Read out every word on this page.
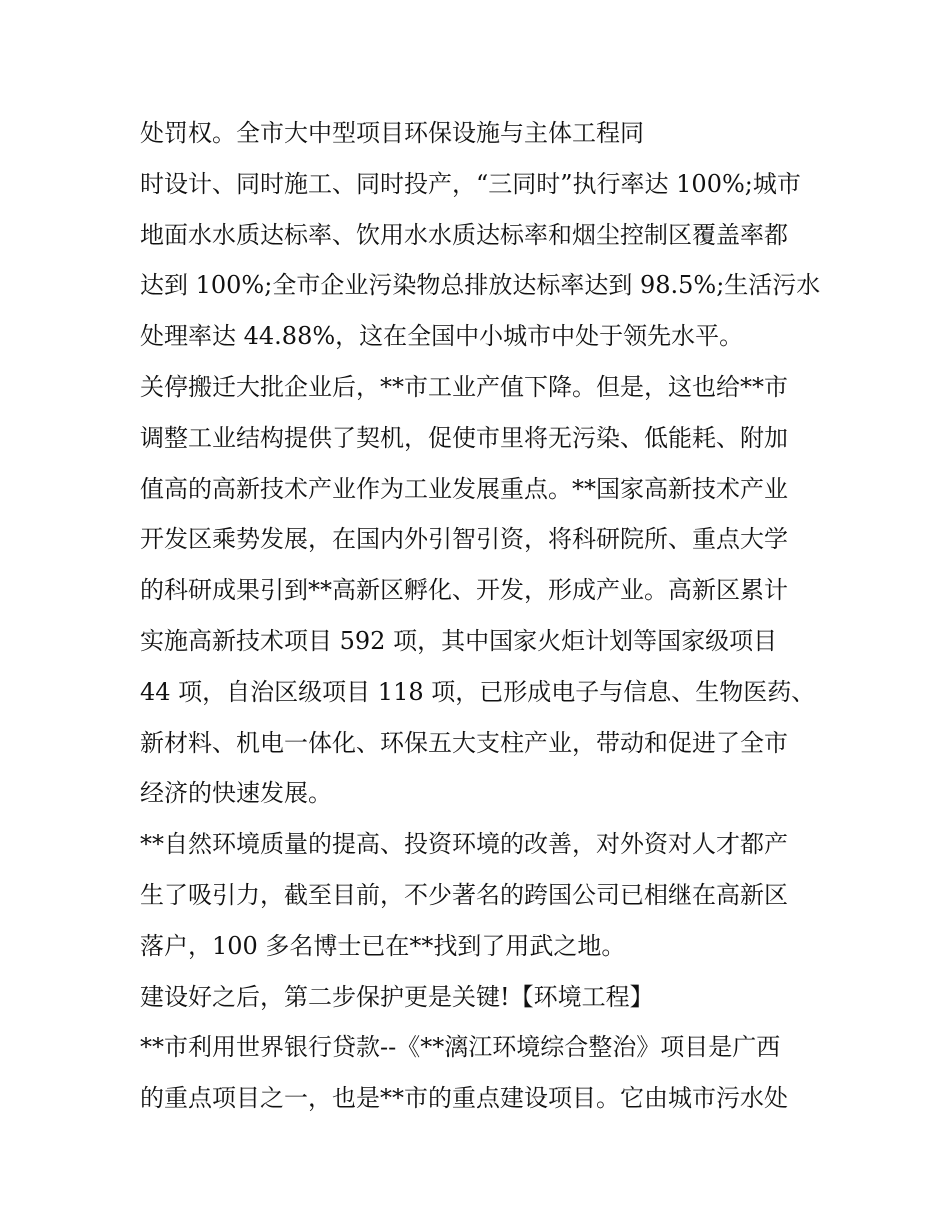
处罚权。全市大中型项目环保设施与主体工程同
时设计、同时施工、同时投产，“三同时”执行率达 100%;城市
地面水水质达标率、饮用水水质达标率和烟尘控制区覆盖率都
达到 100%;全市企业污染物总排放达标率达到 98.5%;生活污水
处理率达 44.88%，这在全国中小城市中处于领先水平。
关停搬迁大批企业后，**市工业产值下降。但是，这也给**市
调整工业结构提供了契机，促使市里将无污染、低能耗、附加
值高的高新技术产业作为工业发展重点。**国家高新技术产业
开发区乘势发展，在国内外引智引资，将科研院所、重点大学
的科研成果引到**高新区孵化、开发，形成产业。高新区累计
实施高新技术项目 592 项，其中国家火炬计划等国家级项目
44 项，自治区级项目 118 项，已形成电子与信息、生物医药、
新材料、机电一体化、环保五大支柱产业，带动和促进了全市
经济的快速发展。
**自然环境质量的提高、投资环境的改善，对外资对人才都产
生了吸引力，截至目前，不少著名的跨国公司已相继在高新区
落户，100 多名博士已在**找到了用武之地。
建设好之后，第二步保护更是关键!【环境工程】
**市利用世界银行贷款--《**漓江环境综合整治》项目是广西
的重点项目之一，也是**市的重点建设项目。它由城市污水处
